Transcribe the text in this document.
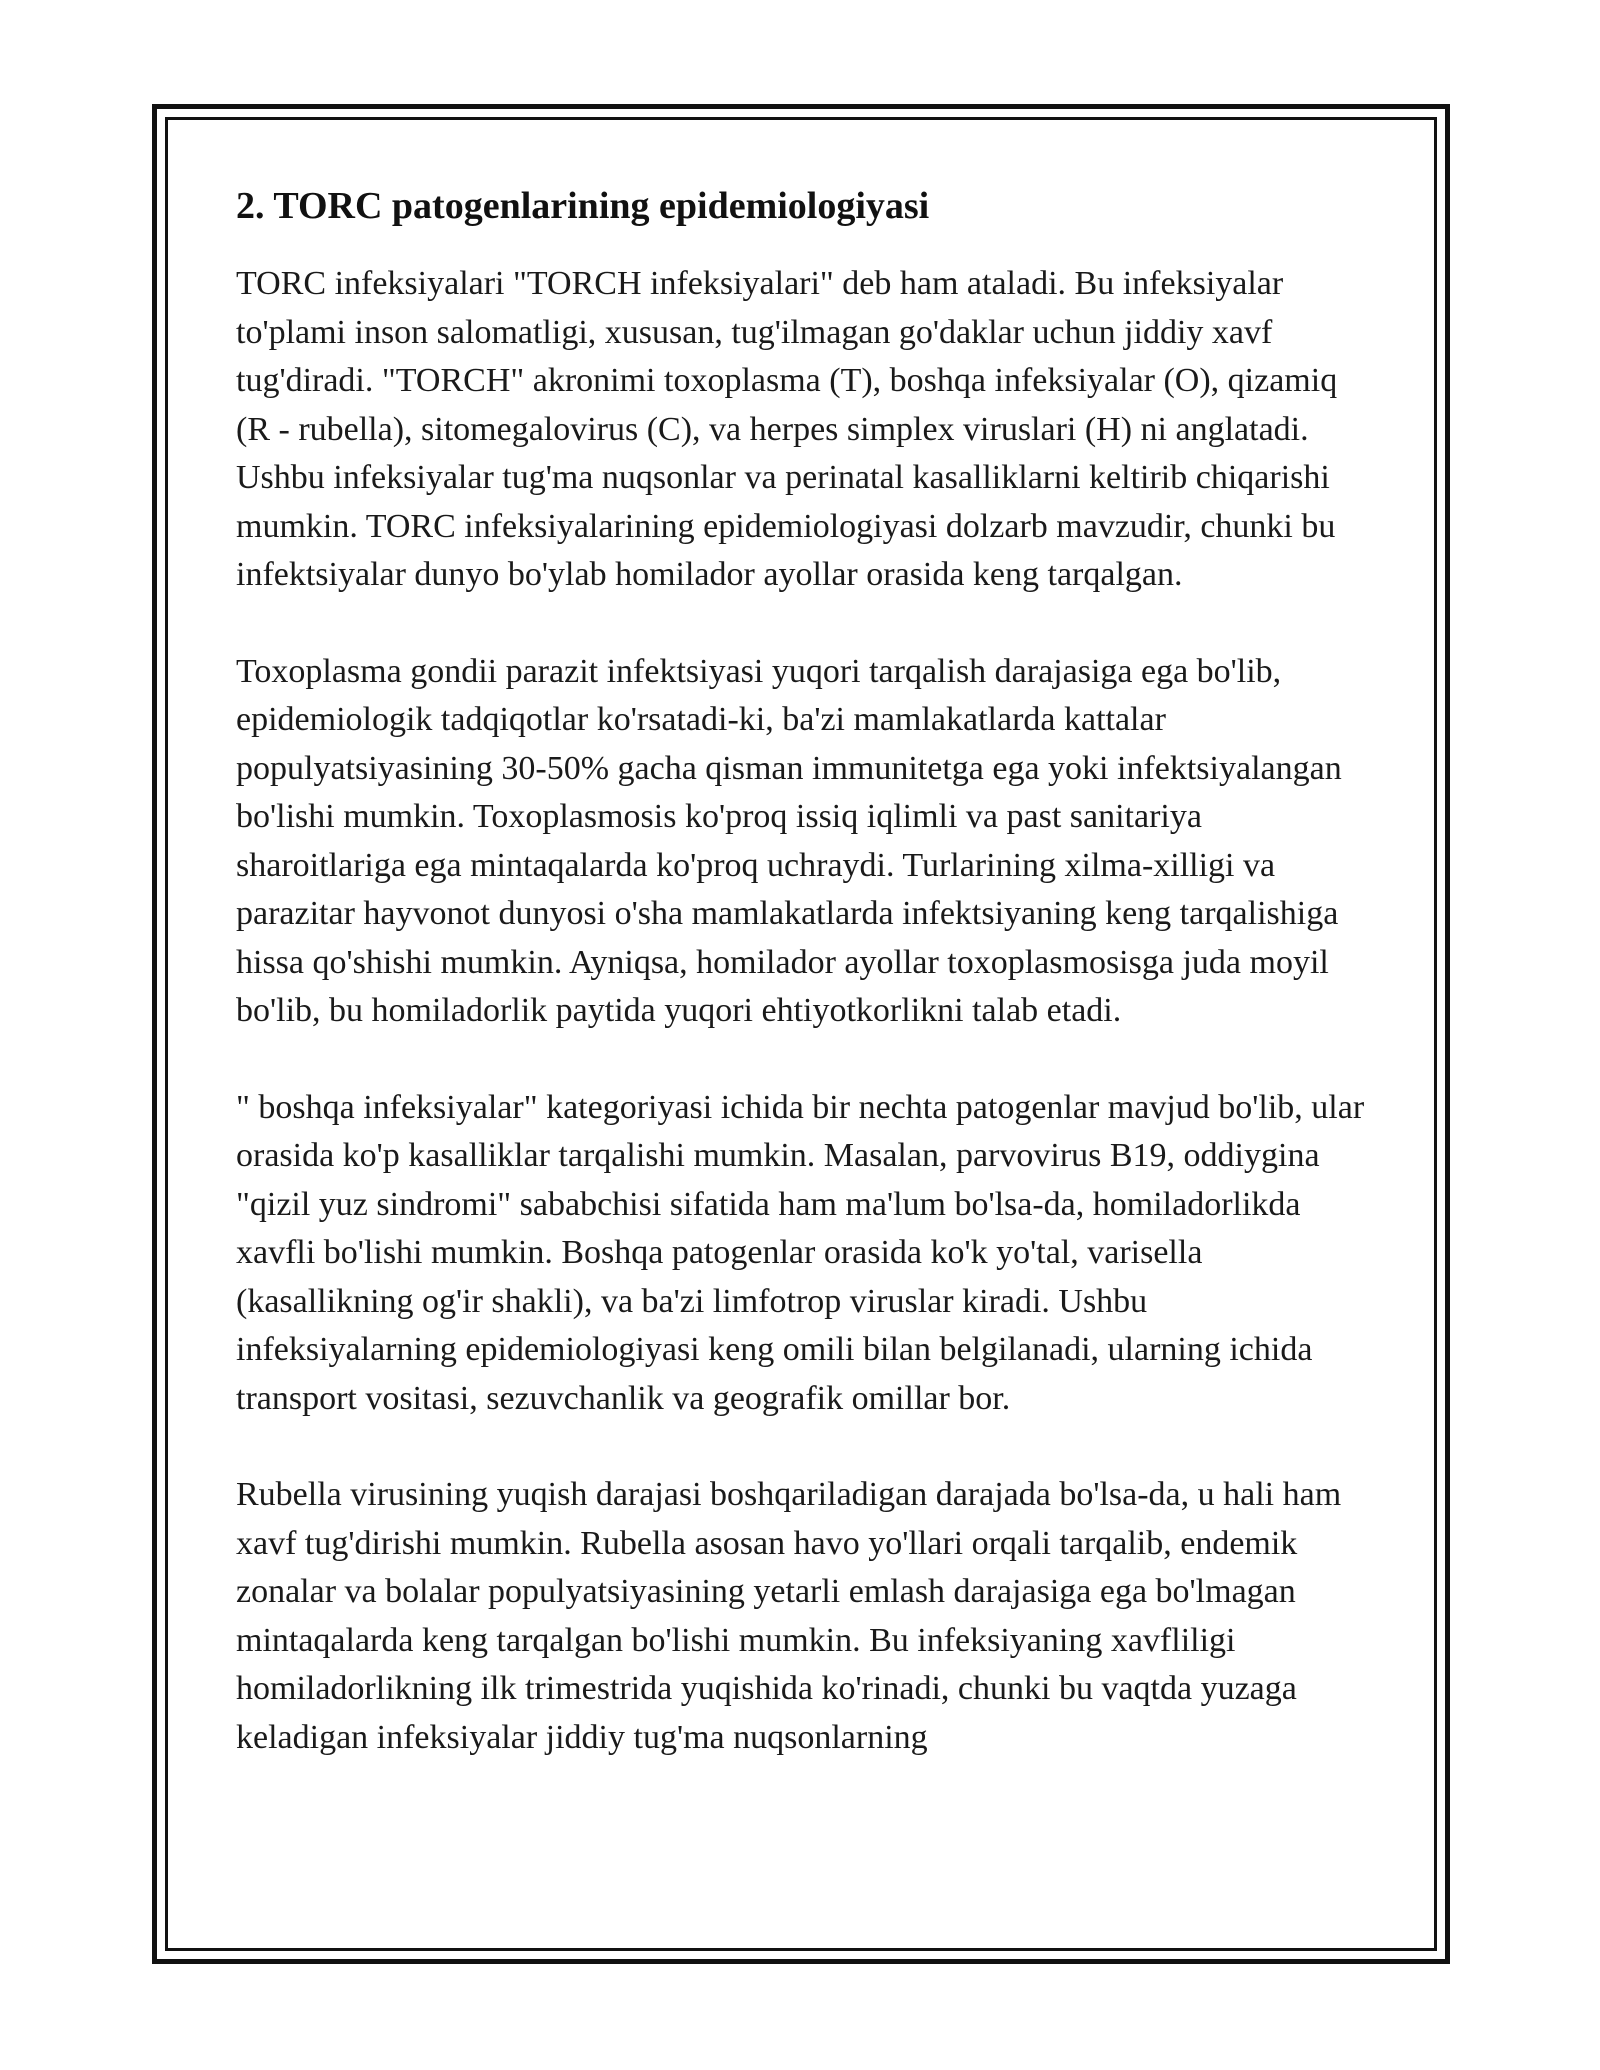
2. TORC patogenlarining epidemiologiyasi

TORC infeksiyalari "TORCH infeksiyalari" deb ham ataladi. Bu infeksiyalar to'plami inson salomatligi, xususan, tug'ilmagan go'daklar uchun jiddiy xavf tug'diradi. "TORCH" akronimi toxoplasma (T), boshqa infeksiyalar (O), qizamiq (R - rubella), sitomegalovirus (C), va herpes simplex viruslari (H) ni anglatadi. Ushbu infeksiyalar tug'ma nuqsonlar va perinatal kasalliklarni keltirib chiqarishi mumkin. TORC infeksiyalarining epidemiologiyasi dolzarb mavzudir, chunki bu infektsiyalar dunyo bo'ylab homilador ayollar orasida keng tarqalgan.

Toxoplasma gondii parazit infektsiyasi yuqori tarqalish darajasiga ega bo'lib, epidemiologik tadqiqotlar ko'rsatadi-ki, ba'zi mamlakatlarda kattalar populyatsiyasining 30-50% gacha qisman immunitetga ega yoki infektsiyalangan bo'lishi mumkin. Toxoplasmosis ko'proq issiq iqlimli va past sanitariya sharoitlariga ega mintaqalarda ko'proq uchraydi. Turlarining xilma-xilligi va parazitar hayvonot dunyosi o'sha mamlakatlarda infektsiyaning keng tarqalishiga hissa qo'shishi mumkin. Ayniqsa, homilador ayollar toxoplasmosisga juda moyil bo'lib, bu homiladorlik paytida yuqori ehtiyotkorlikni talab etadi.

" boshqa infeksiyalar" kategoriyasi ichida bir nechta patogenlar mavjud bo'lib, ular orasida ko'p kasalliklar tarqalishi mumkin. Masalan, parvovirus B19, oddiygina "qizil yuz sindromi" sababchisi sifatida ham ma'lum bo'lsa-da, homiladorlikda xavfli bo'lishi mumkin. Boshqa patogenlar orasida ko'k yo'tal, varisella (kasallikning og'ir shakli), va ba'zi limfotrop viruslar kiradi. Ushbu infeksiyalarning epidemiologiyasi keng omili bilan belgilanadi, ularning ichida transport vositasi, sezuvchanlik va geografik omillar bor.

Rubella virusining yuqish darajasi boshqariladigan darajada bo'lsa-da, u hali ham xavf tug'dirishi mumkin. Rubella asosan havo yo'llari orqali tarqalib, endemik zonalar va bolalar populyatsiyasining yetarli emlash darajasiga ega bo'lmagan mintaqalarda keng tarqalgan bo'lishi mumkin. Bu infeksiyaning xavfliligi homiladorlikning ilk trimestrida yuqishida ko'rinadi, chunki bu vaqtda yuzaga keladigan infeksiyalar jiddiy tug'ma nuqsonlarning
